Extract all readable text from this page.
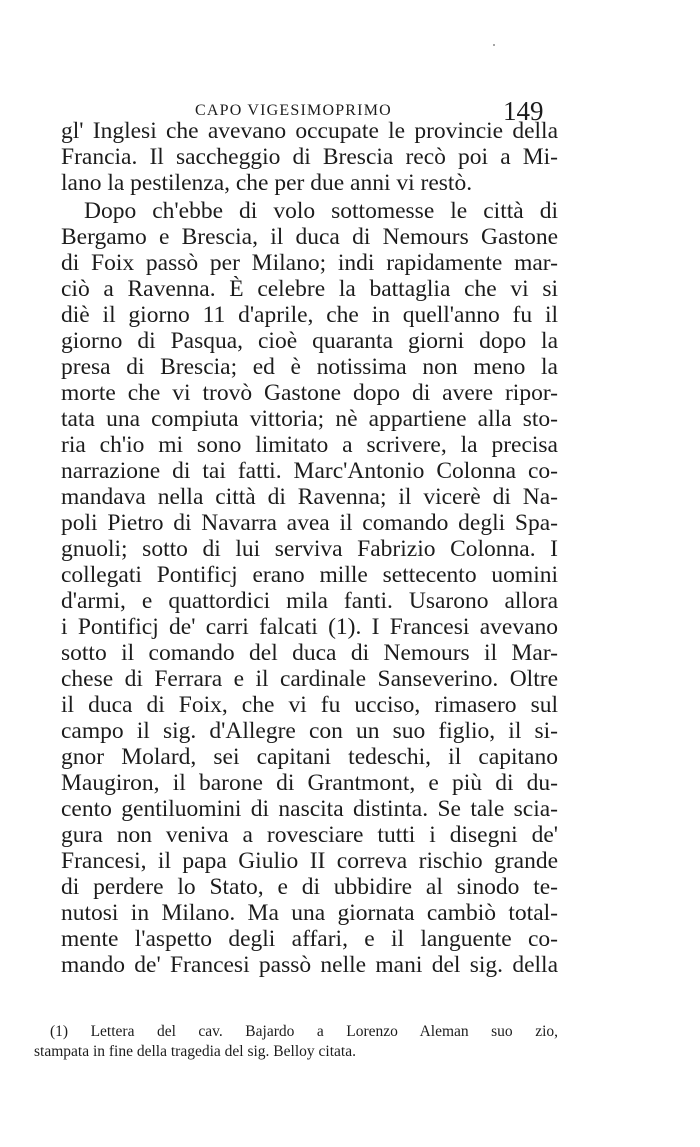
CAPO VIGESIMOPRIMO	149
gl' Inglesi che avevano occupate le provincie della
Francia. Il saccheggio di Brescia recò poi a Mi-
lano la pestilenza, che per due anni vi restò.
Dopo ch'ebbe di volo sottomesse le città di
Bergamo e Brescia, il duca di Nemours Gastone
di Foix passò per Milano; indi rapidamente mar-
ciò a Ravenna. È celebre la battaglia che vi si
diè il giorno 11 d'aprile, che in quell'anno fu il
giorno di Pasqua, cioè quaranta giorni dopo la
presa di Brescia; ed è notissima non meno la
morte che vi trovò Gastone dopo di avere ripor-
tata una compiuta vittoria; nè appartiene alla sto-
ria ch'io mi sono limitato a scrivere, la precisa
narrazione di tai fatti. Marc'Antonio Colonna co-
mandava nella città di Ravenna; il vicerè di Na-
poli Pietro di Navarra avea il comando degli Spa-
gnuoli; sotto di lui serviva Fabrizio Colonna. I
collegati Pontificj erano mille settecento uomini
d'armi, e quattordici mila fanti. Usarono allora
i Pontificj de' carri falcati (1). I Francesi avevano
sotto il comando del duca di Nemours il Mar-
chese di Ferrara e il cardinale Sanseverino. Oltre
il duca di Foix, che vi fu ucciso, rimasero sul
campo il sig. d'Allegre con un suo figlio, il si-
gnor Molard, sei capitani tedeschi, il capitano
Maugiron, il barone di Grantmont, e più di du-
cento gentiluomini di nascita distinta. Se tale scia-
gura non veniva a rovesciare tutti i disegni de'
Francesi, il papa Giulio II correva rischio grande
di perdere lo Stato, e di ubbidire al sinodo te-
nutosi in Milano. Ma una giornata cambiò total-
mente l'aspetto degli affari, e il languente co-
mando de' Francesi passò nelle mani del sig. della
(1) Lettera del cav. Bajardo a Lorenzo Aleman suo zio,
stampata in fine della tragedia del sig. Belloy citata.
